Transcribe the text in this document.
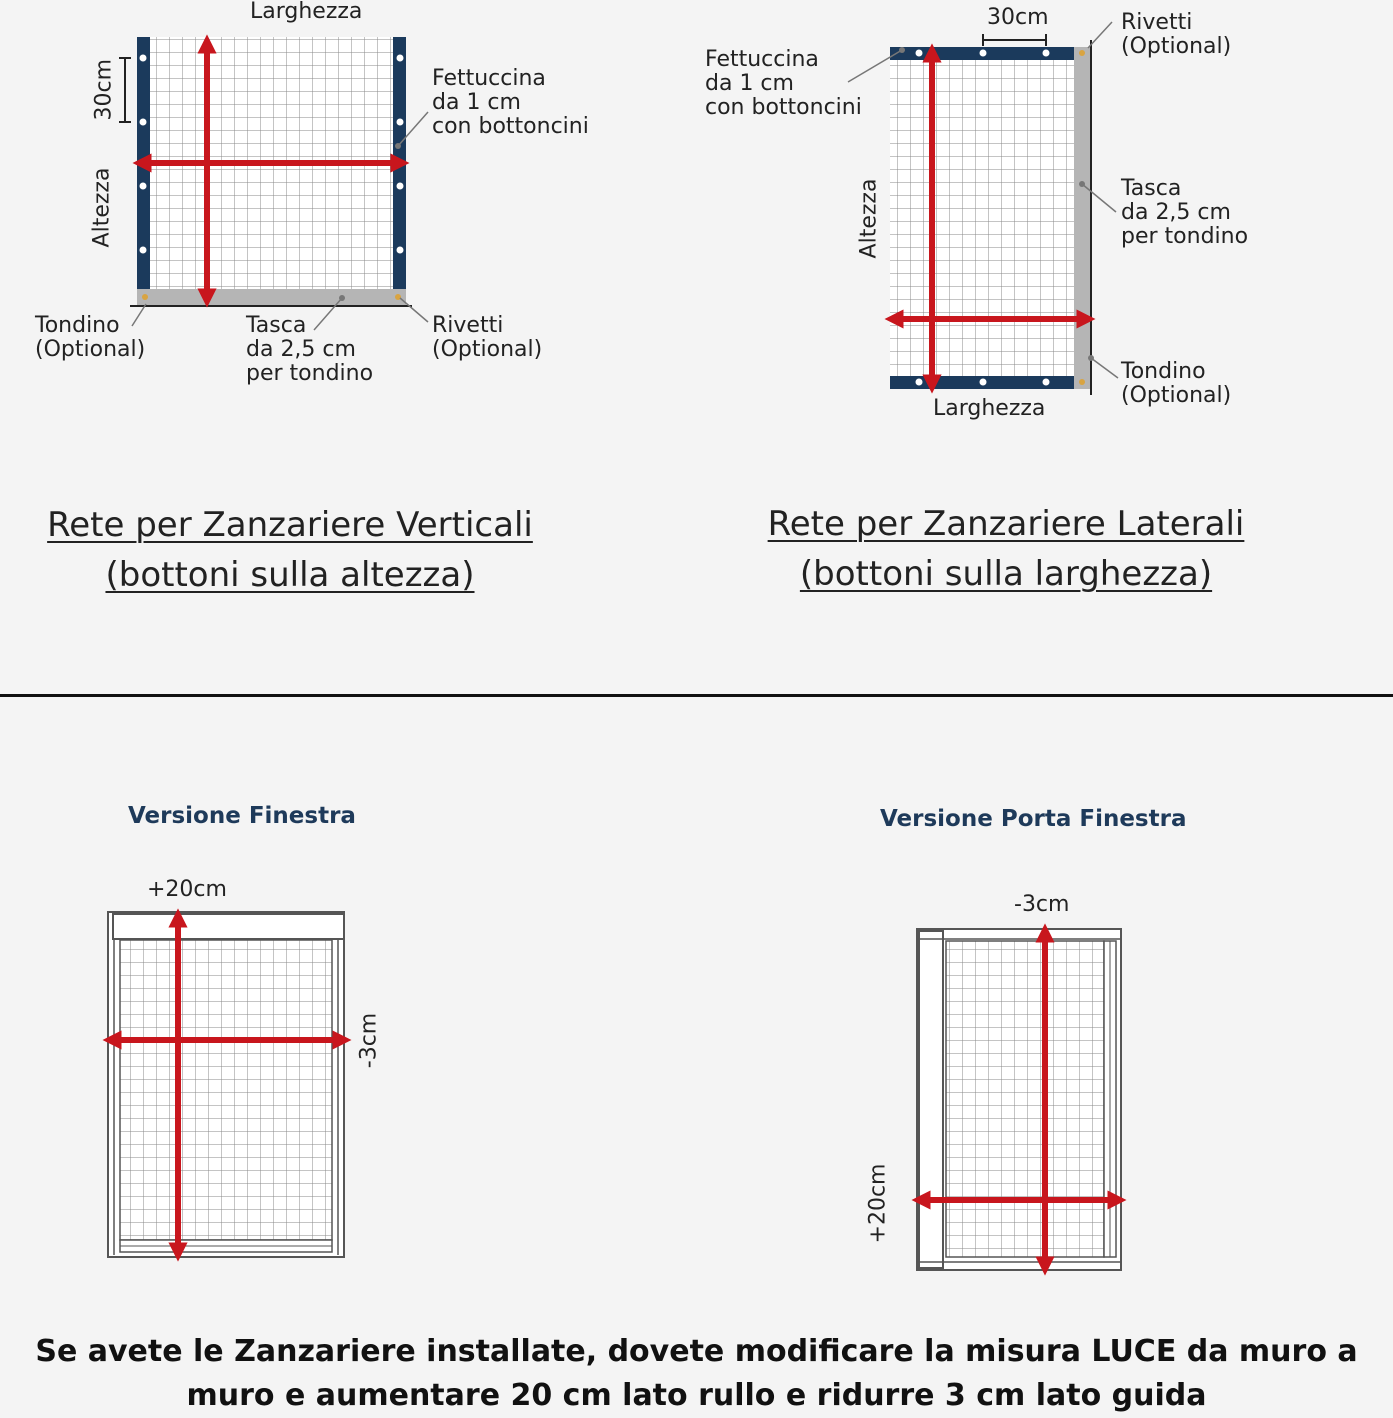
Larghezza
30cm
Altezza
Fettuccina
da 1 cm
con bottoncini
Tondino
(Optional)
Tasca
da 2,5 cm
per tondino
Rivetti
(Optional)
Rete per Zanzariere Verticali
(bottoni sulla altezza)
30cm	Rivetti
(Optional)
Fettuccina
da 1 cm
con bottoncini
Altezza	Tasca
da 2,5 cm
per tondino
Tondino
(Optional)
Larghezza
Rete per Zanzariere Laterali
(bottoni sulla larghezza)
Versione Finestra
+20cm
-3cm
Versione Porta Finestra
-3cm
+20cm
Se avete le Zanzariere installate, dovete modificare la misura LUCE da muro a
muro e aumentare 20 cm lato rullo e ridurre 3 cm lato guida
